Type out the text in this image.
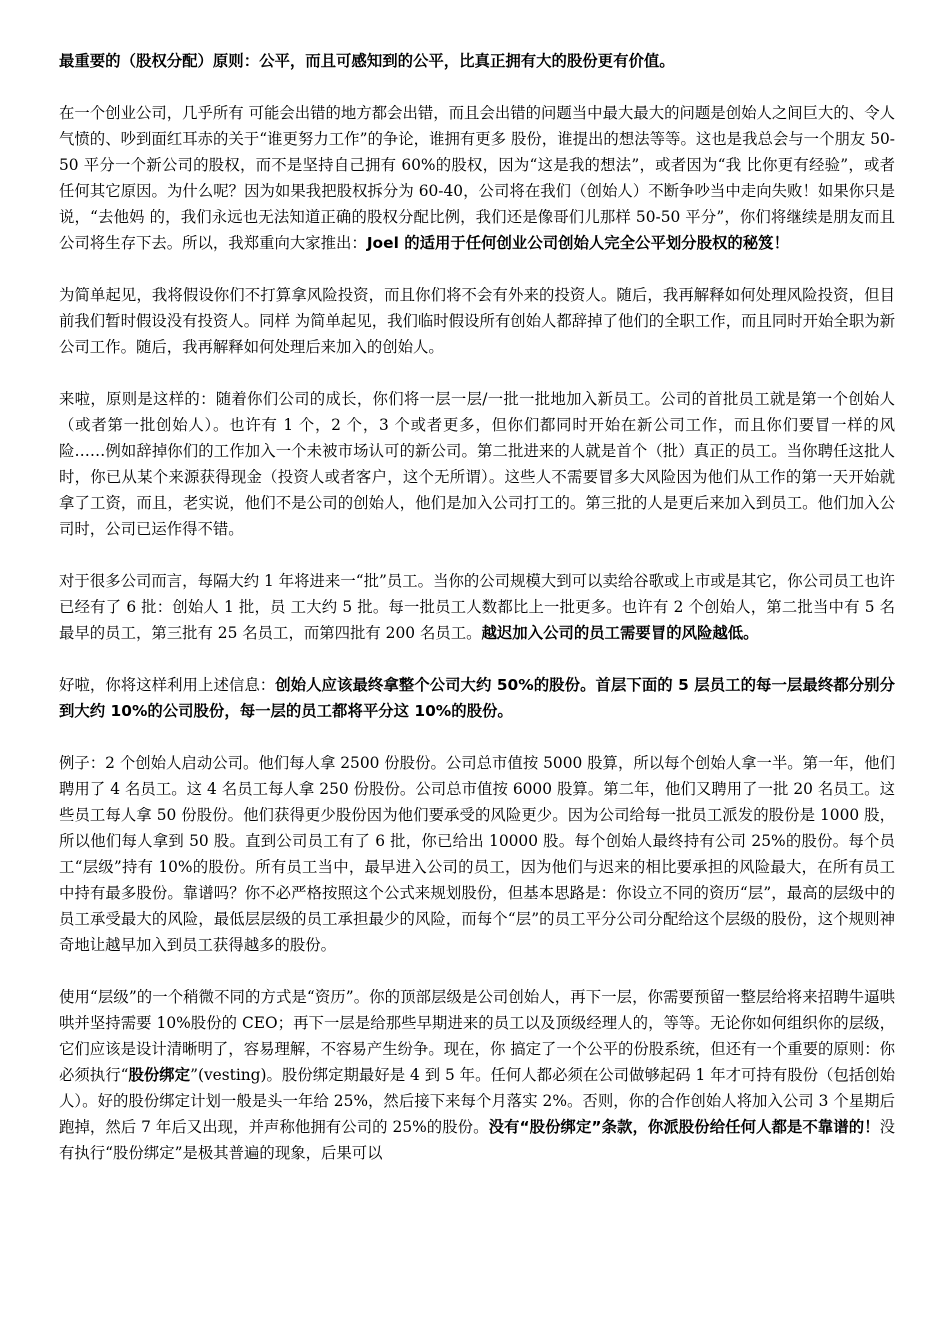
最重要的（股权分配）原则：公平，而且可感知到的公平，比真正拥有大的股份更有价值。

在一个创业公司，几乎所有 可能会出错的地方都会出错，而且会出错的问题当中最大最大的问题是创始人之间巨大的、令人气愤的、吵到面红耳赤的关于“谁更努力工作”的争论，谁拥有更多 股份，谁提出的想法等等。这也是我总会与一个朋友 50-50 平分一个新公司的股权，而不是坚持自己拥有 60%的股权，因为“这是我的想法”，或者因为“我 比你更有经验”，或者任何其它原因。为什么呢？因为如果我把股权拆分为 60-40，公司将在我们（创始人）不断争吵当中走向失败！如果你只是说，“去他妈 的，我们永远也无法知道正确的股权分配比例，我们还是像哥们儿那样 50-50 平分”，你们将继续是朋友而且公司将生存下去。所以，我郑重向大家推出：Joel 的适用于任何创业公司创始人完全公平划分股权的秘笈！

为简单起见，我将假设你们不打算拿风险投资，而且你们将不会有外来的投资人。随后，我再解释如何处理风险投资，但目前我们暂时假设没有投资人。同样 为简单起见，我们临时假设所有创始人都辞掉了他们的全职工作，而且同时开始全职为新公司工作。随后，我再解释如何处理后来加入的创始人。

来啦，原则是这样的：随着你们公司的成长，你们将一层一层/一批一批地加入新员工。公司的首批员工就是第一个创始人（或者第一批创始人）。也许有 1 个，2 个，3 个或者更多，但你们都同时开始在新公司工作，而且你们要冒一样的风险……例如辞掉你们的工作加入一个未被市场认可的新公司。第二批进来的人就是首个（批）真正的员工。当你聘任这批人时，你已从某个来源获得现金（投资人或者客户，这个无所谓）。这些人不需要冒多大风险因为他们从工作的第一天开始就拿了工资，而且，老实说，他们不是公司的创始人，他们是加入公司打工的。第三批的人是更后来加入到员工。他们加入公司时，公司已运作得不错。

对于很多公司而言，每隔大约 1 年将进来一“批”员工。当你的公司规模大到可以卖给谷歌或上市或是其它，你公司员工也许已经有了 6 批：创始人 1 批，员 工大约 5 批。每一批员工人数都比上一批更多。也许有 2 个创始人，第二批当中有 5 名最早的员工，第三批有 25 名员工，而第四批有 200 名员工。越迟加入公司的员工需要冒的风险越低。

好啦，你将这样利用上述信息：创始人应该最终拿整个公司大约 50%的股份。首层下面的 5 层员工的每一层最终都分别分到大约 10%的公司股份，每一层的员工都将平分这 10%的股份。

例子：2 个创始人启动公司。他们每人拿 2500 份股份。公司总市值按 5000 股算，所以每个创始人拿一半。第一年，他们聘用了 4 名员工。这 4 名员工每人拿 250 份股份。公司总市值按 6000 股算。第二年，他们又聘用了一批 20 名员工。这些员工每人拿 50 份股份。他们获得更少股份因为他们要承受的风险更少。因为公司给每一批员工派发的股份是 1000 股，所以他们每人拿到 50 股。直到公司员工有了 6 批，你已给出 10000 股。每个创始人最终持有公司 25%的股份。每个员工“层级”持有 10%的股份。所有员工当中，最早进入公司的员工，因为他们与迟来的相比要承担的风险最大，在所有员工中持有最多股份。靠谱吗？你不必严格按照这个公式来规划股份，但基本思路是：你设立不同的资历“层”，最高的层级中的员工承受最大的风险，最低层层级的员工承担最少的风险，而每个“层”的员工平分公司分配给这个层级的股份，这个规则神奇地让越早加入到员工获得越多的股份。

使用“层级”的一个稍微不同的方式是“资历”。你的顶部层级是公司创始人，再下一层，你需要预留一整层给将来招聘牛逼哄哄并坚持需要 10%股份的 CEO；再下一层是给那些早期进来的员工以及顶级经理人的，等等。无论你如何组织你的层级，它们应该是设计清晰明了，容易理解，不容易产生纷争。现在，你 搞定了一个公平的份股系统，但还有一个重要的原则：你必须执行“股份绑定”(vesting)。股份绑定期最好是 4 到 5 年。任何人都必须在公司做够起码 1 年才可持有股份（包括创始人）。好的股份绑定计划一般是头一年给 25%，然后接下来每个月落实 2%。否则，你的合作创始人将加入公司 3 个星期后跑掉，然后 7 年后又出现，并声称他拥有公司的 25%的股份。没有“股份绑定”条款，你派股份给任何人都是不靠谱的！没有执行“股份绑定”是极其普遍的现象，后果可以
